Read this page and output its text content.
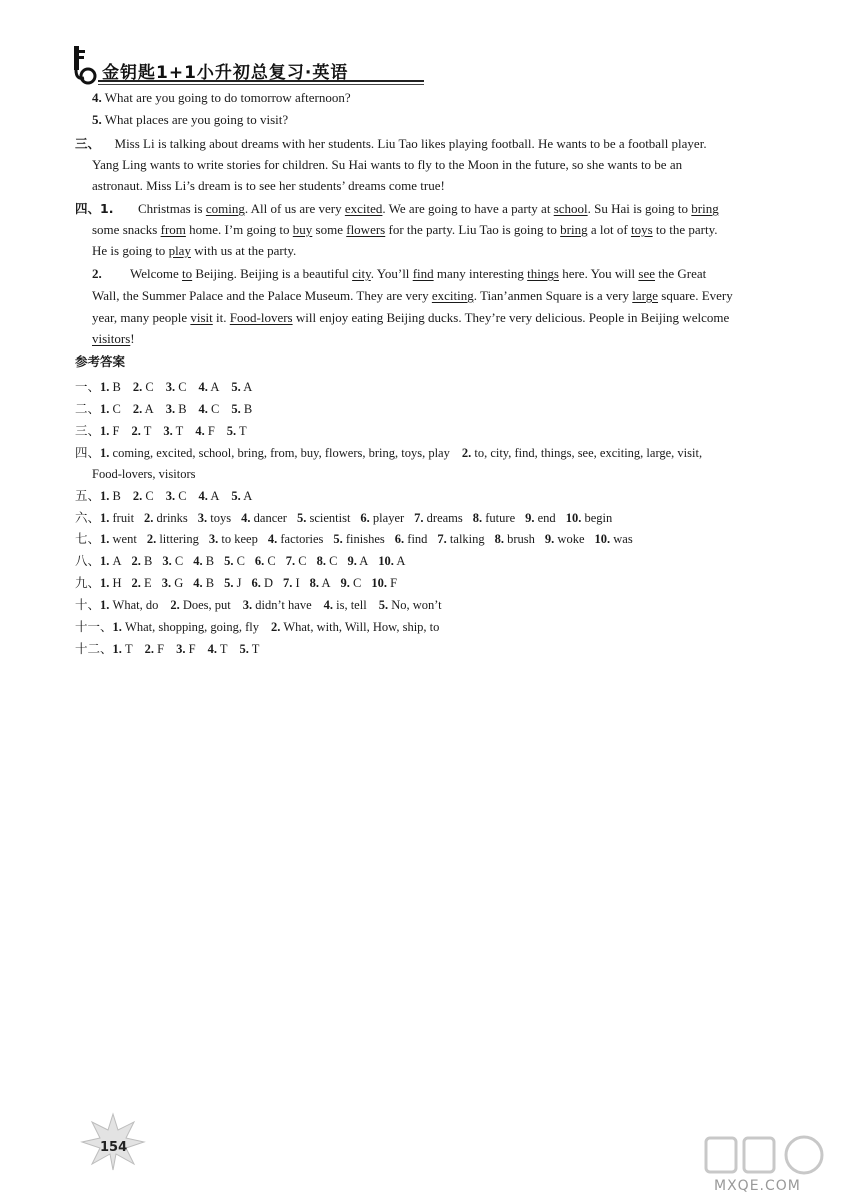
金钥匙1+1小升初总复习·英语
4. What are you going to do tomorrow afternoon?
5. What places are you going to visit?
三、 Miss Li is talking about dreams with her students. Liu Tao likes playing football. He wants to be a football player.
Yang Ling wants to write stories for children. Su Hai wants to fly to the Moon in the future, so she wants to be an
astronaut. Miss Li’s dream is to see her students’ dreams come true!
四、1. Christmas is coming. All of us are very excited. We are going to have a party at school. Su Hai is going to bring
some snacks from home. I’m going to buy some flowers for the party. Liu Tao is going to bring a lot of toys to the party.
He is going to play with us at the party.
2. Welcome to Beijing. Beijing is a beautiful city. You’ll find many interesting things here. You will see the Great
Wall, the Summer Palace and the Palace Museum. They are very exciting. Tian’anmen Square is a very large square. Every
year, many people visit it. Food-lovers will enjoy eating Beijing ducks. They’re very delicious. People in Beijing welcome
visitors!
参考答案
一、1. B 2. C 3. C 4. A 5. A
二、1. C 2. A 3. B 4. C 5. B
三、1. F 2. T 3. T 4. F 5. T
四、1. coming, excited, school, bring, from, buy, flowers, bring, toys, play 2. to, city, find, things, see, exciting, large, visit,
Food-lovers, visitors
五、1. B 2. C 3. C 4. A 5. A
六、1. fruit 2. drinks 3. toys 4. dancer 5. scientist 6. player 7. dreams 8. future 9. end 10. begin
七、1. went 2. littering 3. to keep 4. factories 5. finishes 6. find 7. talking 8. brush 9. woke 10. was
八、1. A 2. B 3. C 4. B 5. C 6. C 7. C 8. C 9. A 10. A
九、1. H 2. E 3. G 4. B 5. J 6. D 7. I 8. A 9. C 10. F
十、1. What, do 2. Does, put 3. didn’t have 4. is, tell 5. No, won’t
十一、1. What, shopping, going, fly 2. What, with, Will, How, ship, to
十二、1. T 2. F 3. F 4. T 5. T
154
MXQE.COM
